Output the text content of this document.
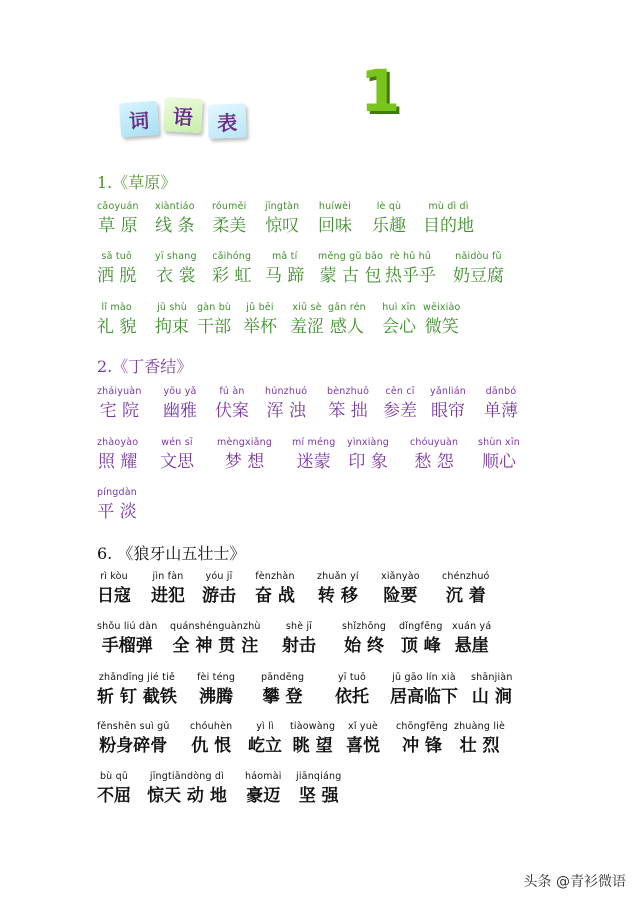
词	语	表 1
1.《草原》
cǎoyuán
草 原
xiàntiáo
线 条
róuměi
柔美
jīngtàn
惊叹
huíwèi
回味
lè qù
乐趣
mù dì dì
目的地
sǎ tuō
洒 脱
yī shang
衣 裳
cǎihóng
彩 虹
mǎ tí
马 蹄
měng gǔ bāo
蒙 古 包
rè hū hū
热乎乎
nǎidòu fǔ
奶豆腐
lǐ mào
礼 貌
jū shù
拘束
gàn bù
干部
jǔ bēi
举杯
xiū sè
羞涩
gǎn rén
感人
huì xīn
会心
wēixiào
微笑
2.《丁香结》
zháiyuàn
宅 院
yōu yǎ
幽雅
fú àn
伏案
húnzhuó
浑 浊
bènzhuō
笨 拙
cēn cī
参差
yǎnlián
眼帘
dānbó
单薄
zhàoyào
照 耀
wén sī
文思
mèngxiǎng
梦 想
mí méng
迷蒙
yìnxiàng
印 象
chóuyuàn
愁 怨
shùn xīn
顺心
píngdàn
平 淡
6. 《狼牙山五壮士》
rì kòu
日寇
jìn fàn
进犯
yóu jī
游击
fènzhàn
奋 战
zhuǎn yí
转 移
xiǎnyào
险要
chénzhuó
沉 着
shǒu liú dàn
手榴弹
quánshénguànzhù
全 神 贯 注
shè jī
射击
shǐzhōng
始 终
dǐngfēng
顶 峰
xuán yá
悬崖
zhǎndīng jié tiě
斩 钉 截铁
fèi téng
沸腾
pāndēng
攀 登
yī tuō
依托
jū gāo lín xià
居高临下
shānjiàn
山 涧
fěnshēn suì gǔ
粉身碎骨
chóuhèn
仇 恨
yì lì
屹立
tiàowàng
眺 望
xǐ yuè
喜悦
chōngfēng
冲 锋
zhuàng liè
壮 烈
bù qū
不屈
jīngtiāndòng dì
惊天 动 地
háomài
豪迈
jiānqiáng
坚 强
头条 @青衫微语
